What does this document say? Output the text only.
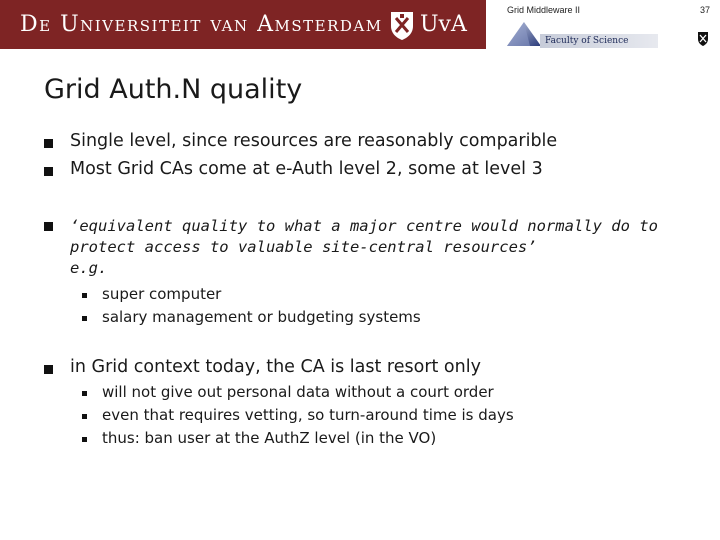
De Universiteit van Amsterdam UvA
Grid Middleware II	37
Faculty of Science
Grid Auth.N quality
Single level, since resources are reasonably comparible
Most Grid CAs come at e-Auth level 2, some at level 3
‘equivalent quality to what a major centre would normally do to
protect access to valuable site-central resources’
e.g.
super computer
salary management or budgeting systems
in Grid context today, the CA is last resort only
will not give out personal data without a court order
even that requires vetting, so turn-around time is days
thus: ban user at the AuthZ level (in the VO)
